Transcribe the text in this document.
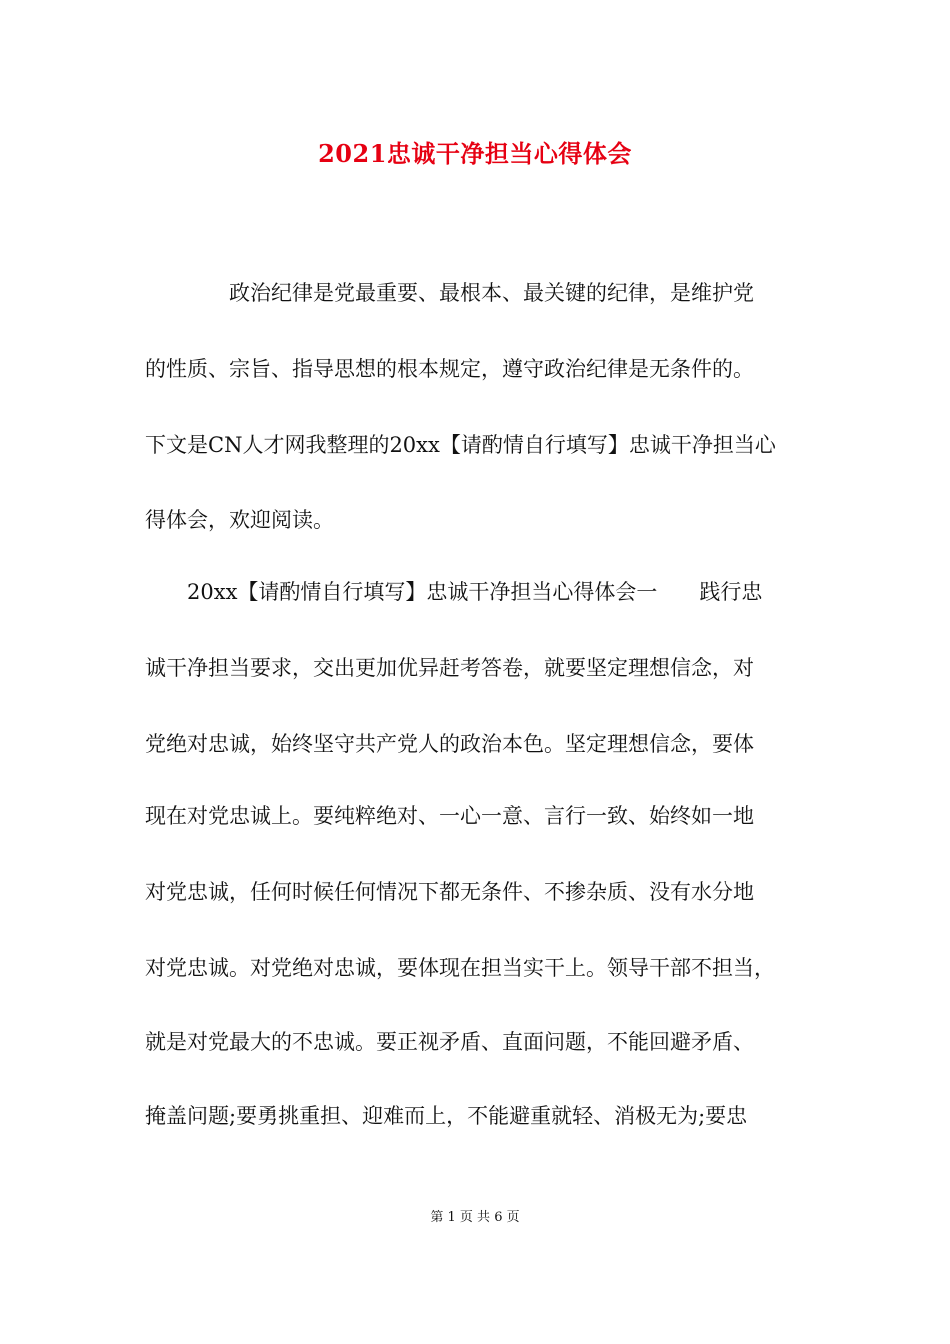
2021忠诚干净担当心得体会
　　　　政治纪律是党最重要、最根本、最关键的纪律，是维护党
的性质、宗旨、指导思想的根本规定，遵守政治纪律是无条件的。
下文是CN人才网我整理的20xx【请酌情自行填写】忠诚干净担当心
得体会，欢迎阅读。
　　20xx【请酌情自行填写】忠诚干净担当心得体会一　　践行忠
诚干净担当要求，交出更加优异赶考答卷，就要坚定理想信念，对
党绝对忠诚，始终坚守共产党人的政治本色。坚定理想信念，要体
现在对党忠诚上。要纯粹绝对、一心一意、言行一致、始终如一地
对党忠诚，任何时候任何情况下都无条件、不掺杂质、没有水分地
对党忠诚。对党绝对忠诚，要体现在担当实干上。领导干部不担当，
就是对党最大的不忠诚。要正视矛盾、直面问题，不能回避矛盾、
掩盖问题;要勇挑重担、迎难而上，不能避重就轻、消极无为;要忠
第 1 页 共 6 页
